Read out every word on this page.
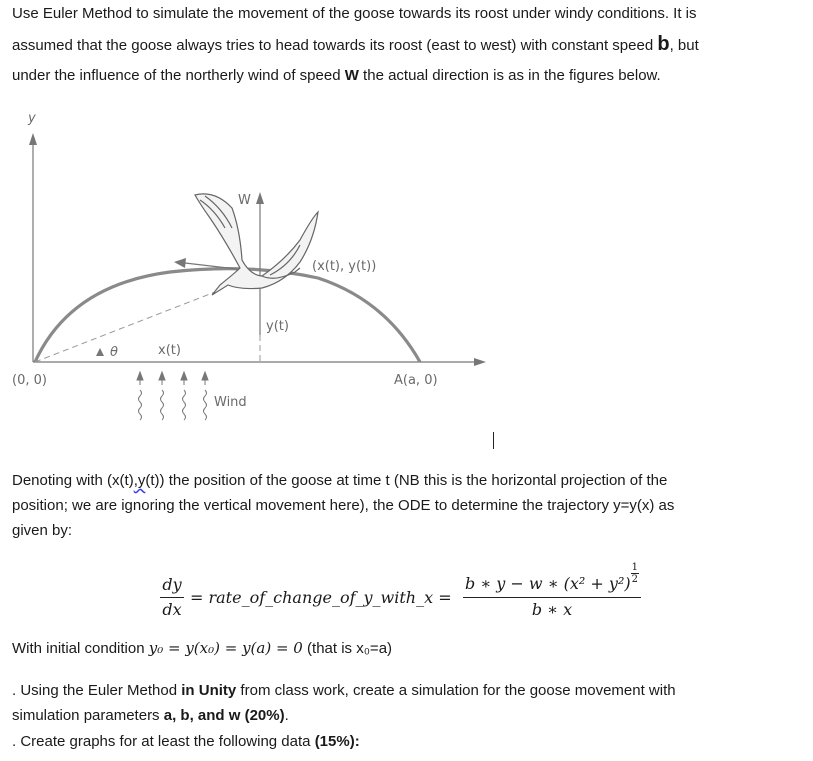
Use Euler Method to simulate the movement of the goose towards its roost under windy conditions. It is

assumed that the goose always tries to head towards its roost (east to west) with constant speed b, but

under the influence of the northerly wind of speed W the actual direction is as in the figures below.

y
W
(x(t), y(t))
y(t)
θ	x(t)
(0, 0)	A(a, 0)
Wind

Denoting with (x(t),y(t)) the position of the goose at time t (NB this is the horizontal projection of the

position; we are ignoring the vertical movement here), the ODE to determine the trajectory y=y(x) as

given by:

dy
dx
= rate_of_change_of_y_with_x =
b ∗ y − w ∗ $(x^2 + y^2) \frac{1}{2}$
b ∗ x

With initial condition y₀ = y(x₀) = y(a) = 0 (that is x₀=a)

. Using the Euler Method in Unity from class work, create a simulation for the goose movement with

simulation parameters a, b, and w (20%).

. Create graphs for at least the following data (15%):
